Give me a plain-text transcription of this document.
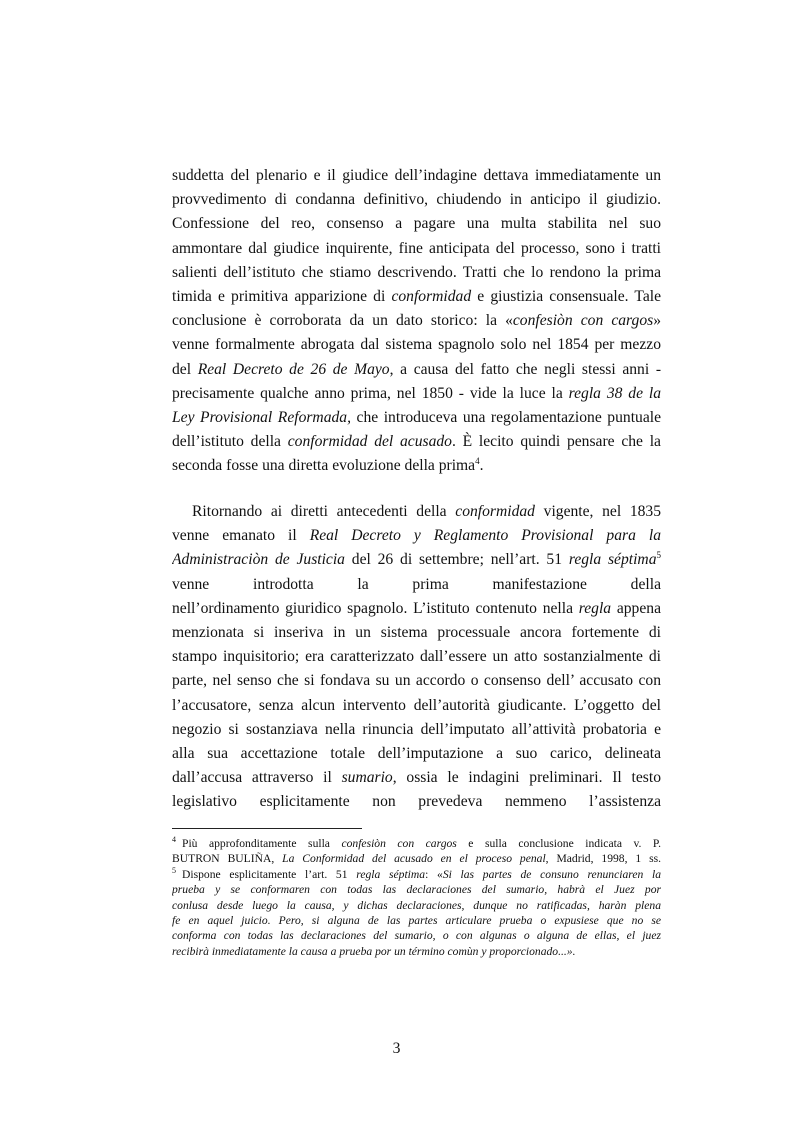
suddetta del plenario e il giudice dell’indagine dettava immediatamente un
provvedimento di condanna definitivo, chiudendo in anticipo il giudizio.
Confessione del reo, consenso a pagare una multa stabilita nel suo
ammontare dal giudice inquirente, fine anticipata del processo, sono i tratti
salienti dell’istituto che stiamo descrivendo. Tratti che lo rendono la prima
timida e primitiva apparizione di conformidad e giustizia consensuale. Tale
conclusione è corroborata da un dato storico: la «confesiòn con cargos»
venne formalmente abrogata dal sistema spagnolo solo nel 1854 per mezzo
del Real Decreto de 26 de Mayo, a causa del fatto che negli stessi anni -
precisamente qualche anno prima, nel 1850 - vide la luce la regla 38 de la
Ley Provisional Reformada, che introduceva una regolamentazione puntuale
dell’istituto della conformidad del acusado. È lecito quindi pensare che la
seconda fosse una diretta evoluzione della prima$^4$.
Ritornando ai diretti antecedenti della conformidad vigente, nel 1835
venne emanato il Real Decreto y Reglamento Provisional para la
Administraciòn de Justicia del 26 di settembre; nell’art. 51 regla séptima$^5$
venne introdotta la prima manifestazione della
nell’ordinamento giuridico spagnolo. L’istituto contenuto nella regla appena
menzionata si inseriva in un sistema processuale ancora fortemente di
stampo inquisitorio; era caratterizzato dall’essere un atto sostanzialmente di
parte, nel senso che si fondava su un accordo o consenso dell’ accusato con
l’accusatore, senza alcun intervento dell’autorità giudicante. L’oggetto del
negozio si sostanziava nella rinuncia dell’imputato all’attività probatoria e
alla sua accettazione totale dell’imputazione a suo carico, delineata
dall’accusa attraverso il sumario, ossia le indagini preliminari. Il testo
legislativo esplicitamente non prevedeva nemmeno l’assistenza
$^4$ Più approfonditamente sulla confesiòn con cargos e sulla conclusione indicata v. P.
BUTRON BULIÑA, La Conformidad del acusado en el proceso penal, Madrid, 1998, 1 ss.
$^5$ Dispone esplicitamente l’art. 51 regla séptima: «Si las partes de consuno renunciaren la
prueba y se conformaren con todas las declaraciones del sumario, habrà el Juez por
conlusa desde luego la causa, y dichas declaraciones, dunque no ratificadas, haràn plena
fe en aquel juicio. Pero, si alguna de las partes articulare prueba o expusiese que no se
conforma con todas las declaraciones del sumario, o con algunas o alguna de ellas, el juez
recibirà inmediatamente la causa a prueba por un término comùn y proporcionado...».
3
